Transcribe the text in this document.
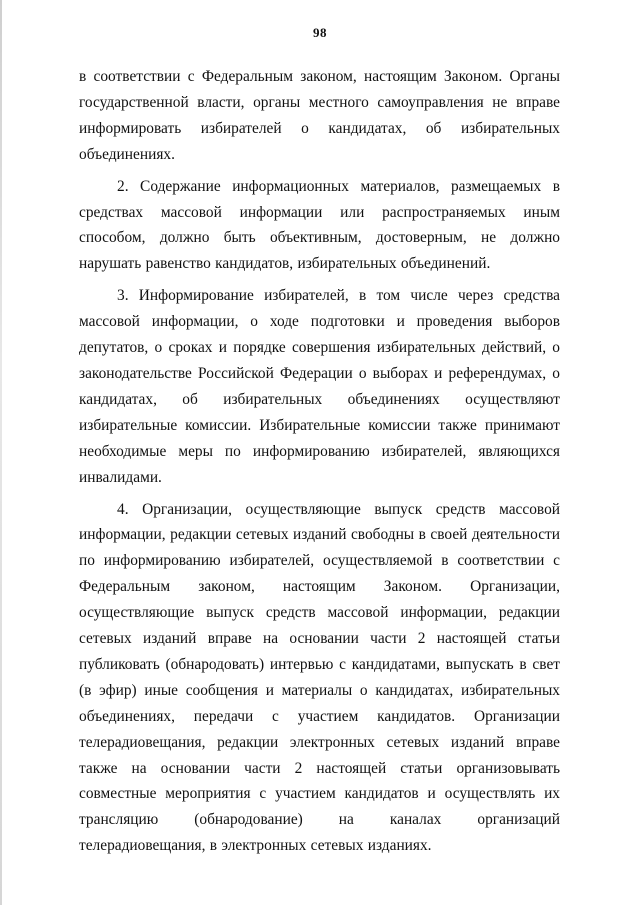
98

в соответствии с Федеральным законом, настоящим Законом. Органы государственной власти, органы местного самоуправления не вправе информировать избирателей о кандидатах, об избирательных объединениях.

2. Содержание информационных материалов, размещаемых в средствах массовой информации или распространяемых иным способом, должно быть объективным, достоверным, не должно нарушать равенство кандидатов, избирательных объединений.

3. Информирование избирателей, в том числе через средства массовой информации, о ходе подготовки и проведения выборов депутатов, о сроках и порядке совершения избирательных действий, о законодательстве Российской Федерации о выборах и референдумах, о кандидатах, об избирательных объединениях осуществляют избирательные комиссии. Избирательные комиссии также принимают необходимые меры по информированию избирателей, являющихся инвалидами.

4. Организации, осуществляющие выпуск средств массовой информации, редакции сетевых изданий свободны в своей деятельности по информированию избирателей, осуществляемой в соответствии с Федеральным законом, настоящим Законом. Организации, осуществляющие выпуск средств массовой информации, редакции сетевых изданий вправе на основании части 2 настоящей статьи публиковать (обнародовать) интервью с кандидатами, выпускать в свет (в эфир) иные сообщения и материалы о кандидатах, избирательных объединениях, передачи с участием кандидатов. Организации телерадиовещания, редакции электронных сетевых изданий вправе также на основании части 2 настоящей статьи организовывать совместные мероприятия с участием кандидатов и осуществлять их трансляцию (обнародование) на каналах организаций телерадиовещания, в электронных сетевых изданиях.
